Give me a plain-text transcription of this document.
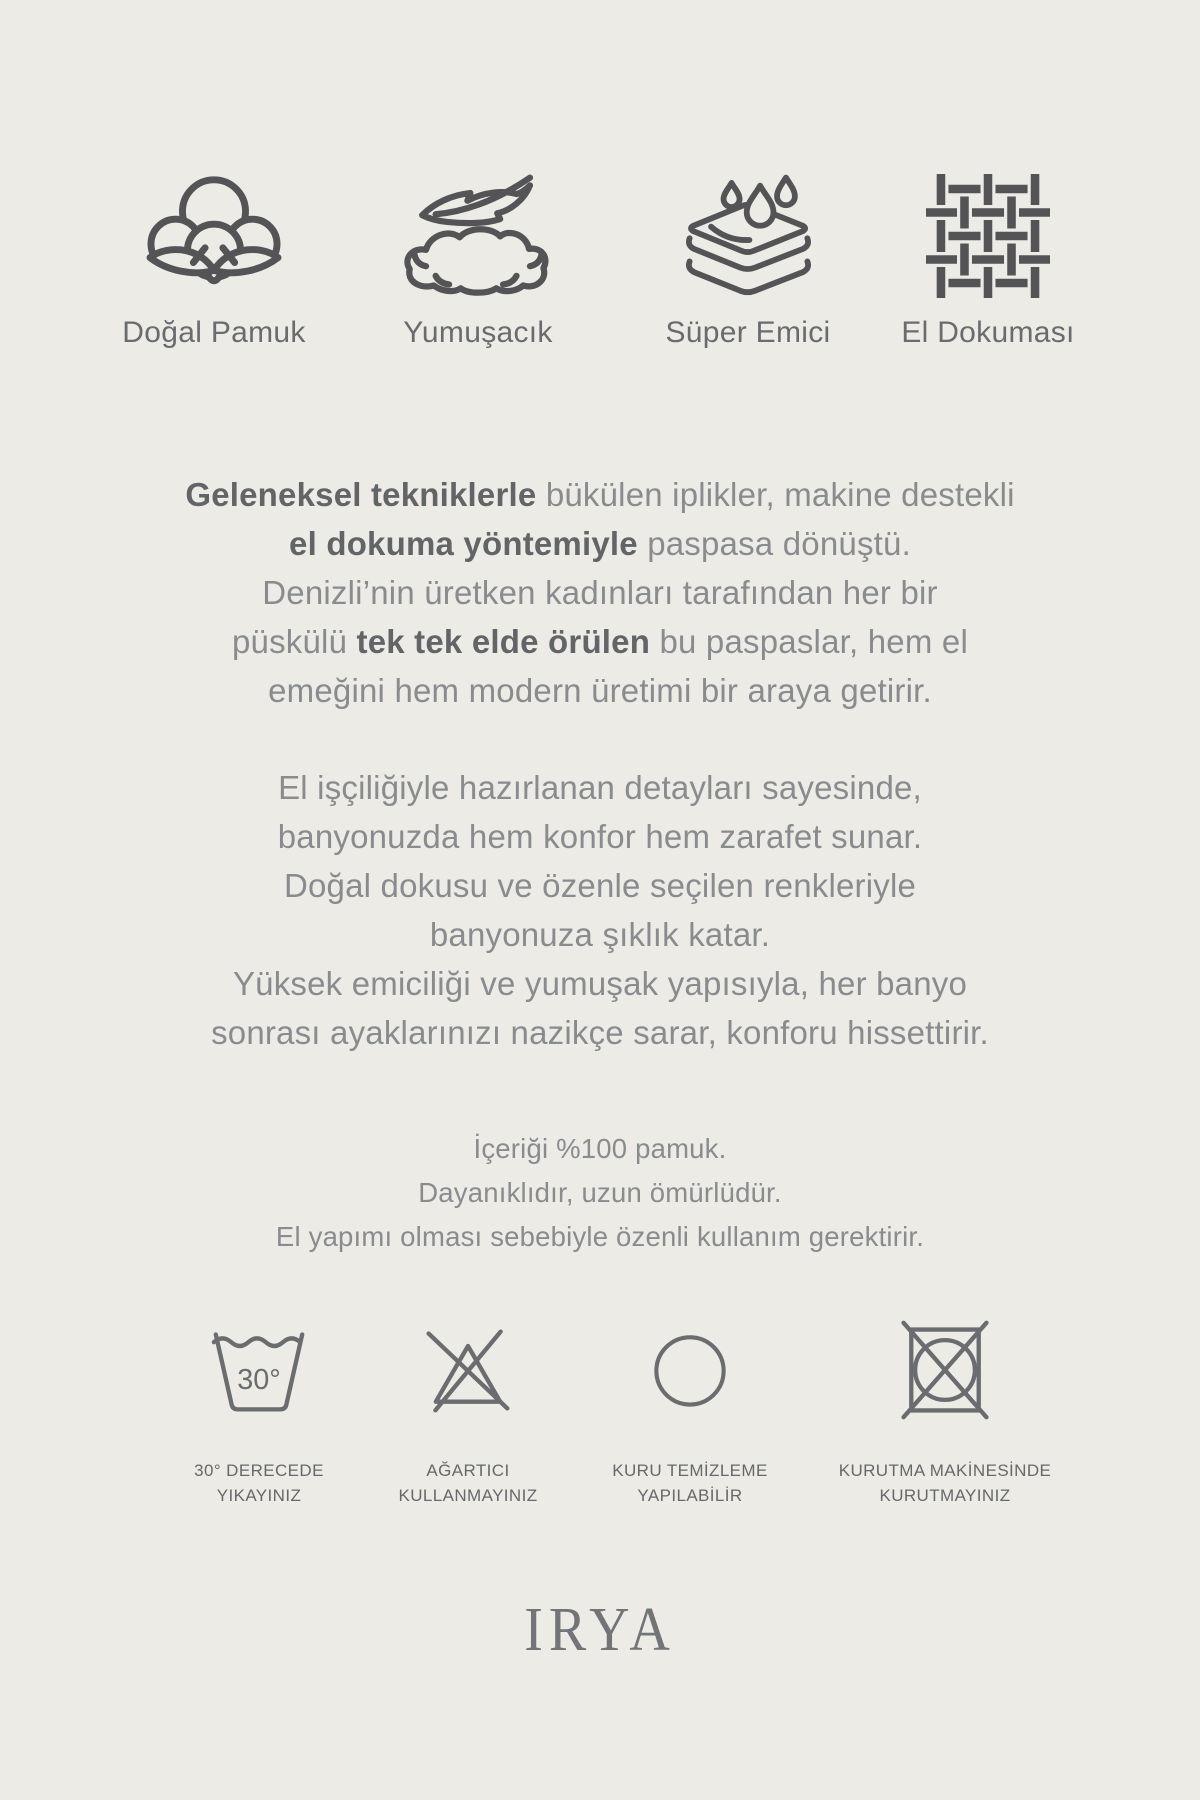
Doğal Pamuk	Yumuşacık	Süper Emici	El Dokuması
Geleneksel tekniklerle bükülen iplikler, makine destekli
el dokuma yöntemiyle paspasa dönüştü.
Denizli’nin üretken kadınları tarafından her bir
püskülü tek tek elde örülen bu paspaslar, hem el
emeğini hem modern üretimi bir araya getirir.
El işçiliğiyle hazırlanan detayları sayesinde,
banyonuzda hem konfor hem zarafet sunar.
Doğal dokusu ve özenle seçilen renkleriyle
banyonuza şıklık katar.
Yüksek emiciliği ve yumuşak yapısıyla, her banyo
sonrası ayaklarınızı nazikçe sarar, konforu hissettirir.
İçeriği %100 pamuk.
Dayanıklıdır, uzun ömürlüdür.
El yapımı olması sebebiyle özenli kullanım gerektirir.
30°
30° DERECEDE
YIKAYINIZ
AĞARTICI
KULLANMAYINIZ
KURU TEMİZLEME
YAPILABİLİR
KURUTMA MAKİNESİNDE
KURUTMAYINIZ
IRYA
